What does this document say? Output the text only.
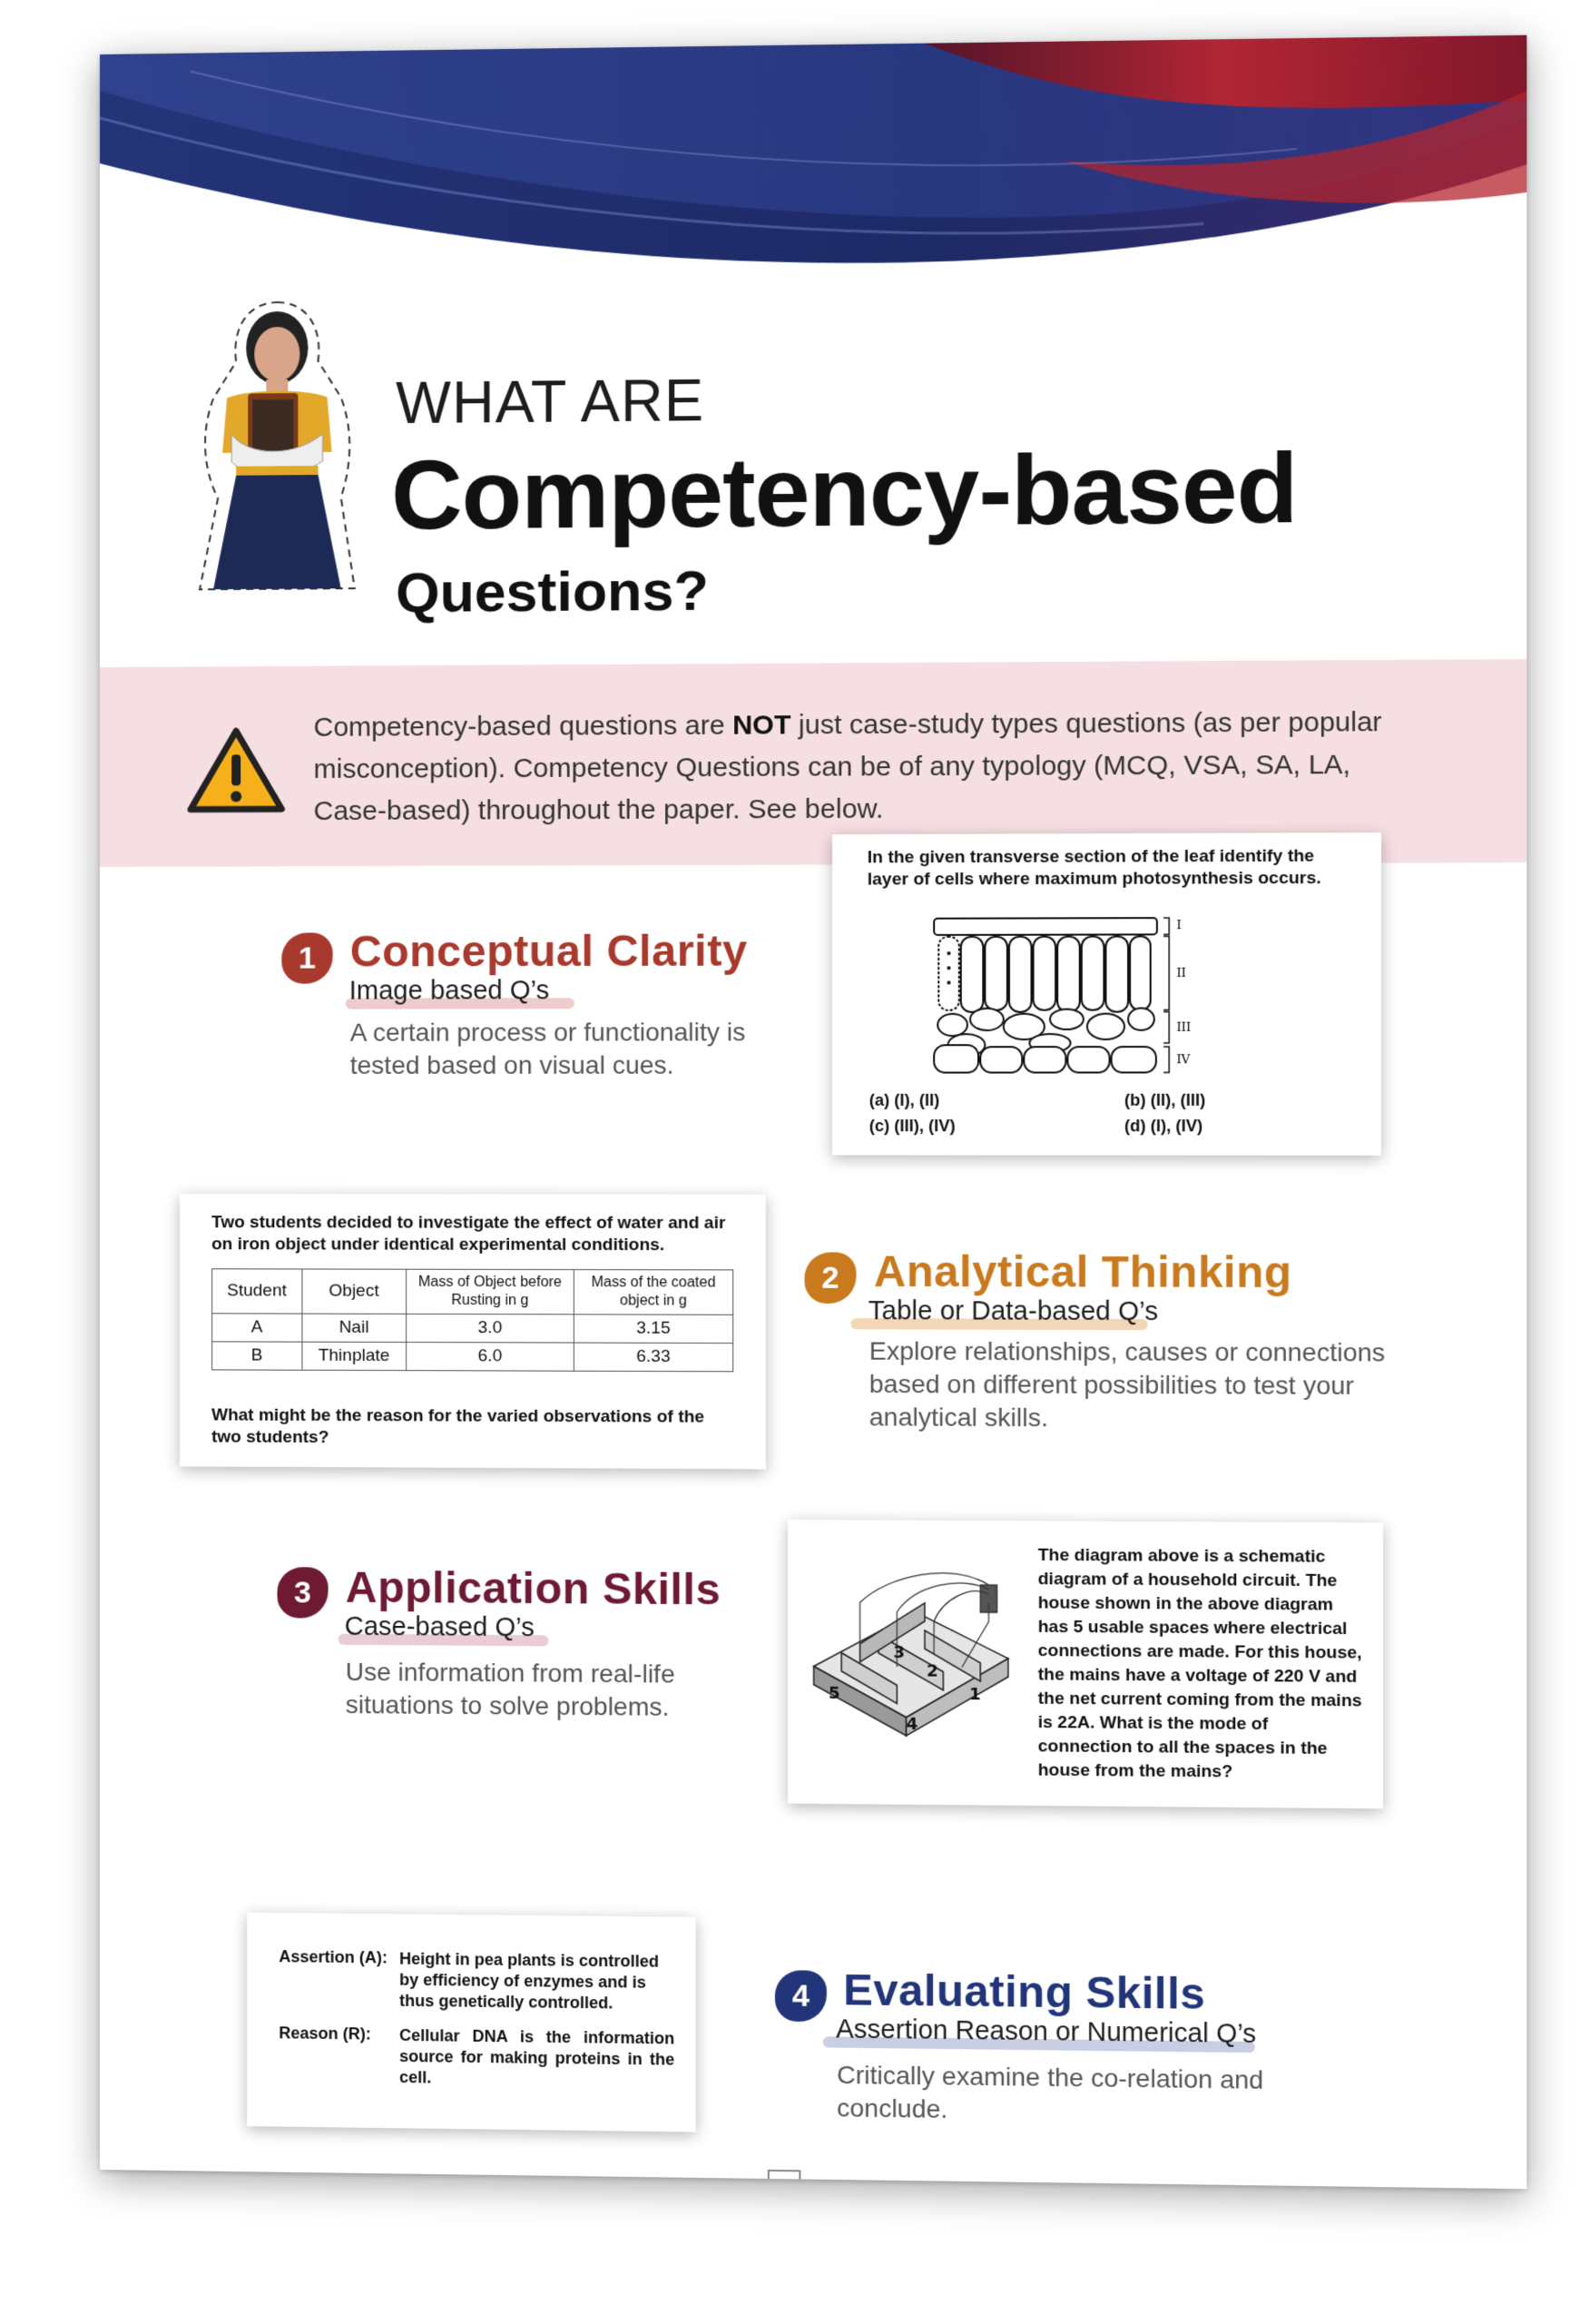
WHAT ARE
Competency-based
Questions?
Competency-based questions are NOT just case-study types questions (as per popular misconception). Competency Questions can be of any typology (MCQ, VSA, SA, LA, Case-based) throughout the paper. See below.
1 Conceptual Clarity
Image based Q’s
A certain process or functionality is tested based on visual cues.
In the given transverse section of the leaf identify the layer of cells where maximum photosynthesis occurs.
I
II
III
IV
(a) (I), (II)	(b) (II), (III)
(c) (III), (IV)	(d) (I), (IV)
Two students decided to investigate the effect of water and air on iron object under identical experimental conditions.
Student	Object	Mass of Object before Rusting in g	Mass of the coated object in g
A	Nail	3.0	3.15
B	Thinplate	6.0	6.33
What might be the reason for the varied observations of the two students?
2 Analytical Thinking
Table or Data-based Q’s
Explore relationships, causes or connections based on different possibilities to test your analytical skills.
3 Application Skills
Case-based Q’s
Use information from real-life situations to solve problems.
3
2
1
5
4
The diagram above is a schematic diagram of a household circuit. The house shown in the above diagram has 5 usable spaces where electrical connections are made. For this house, the mains have a voltage of 220 V and the net current coming from the mains is 22A. What is the mode of connection to all the spaces in the house from the mains?
Assertion (A): Height in pea plants is controlled by efficiency of enzymes and is thus genetically controlled.
Reason (R): Cellular DNA is the information source for making proteins in the cell.
4 Evaluating Skills
Assertion Reason or Numerical Q’s
Critically examine the co-relation and conclude.
